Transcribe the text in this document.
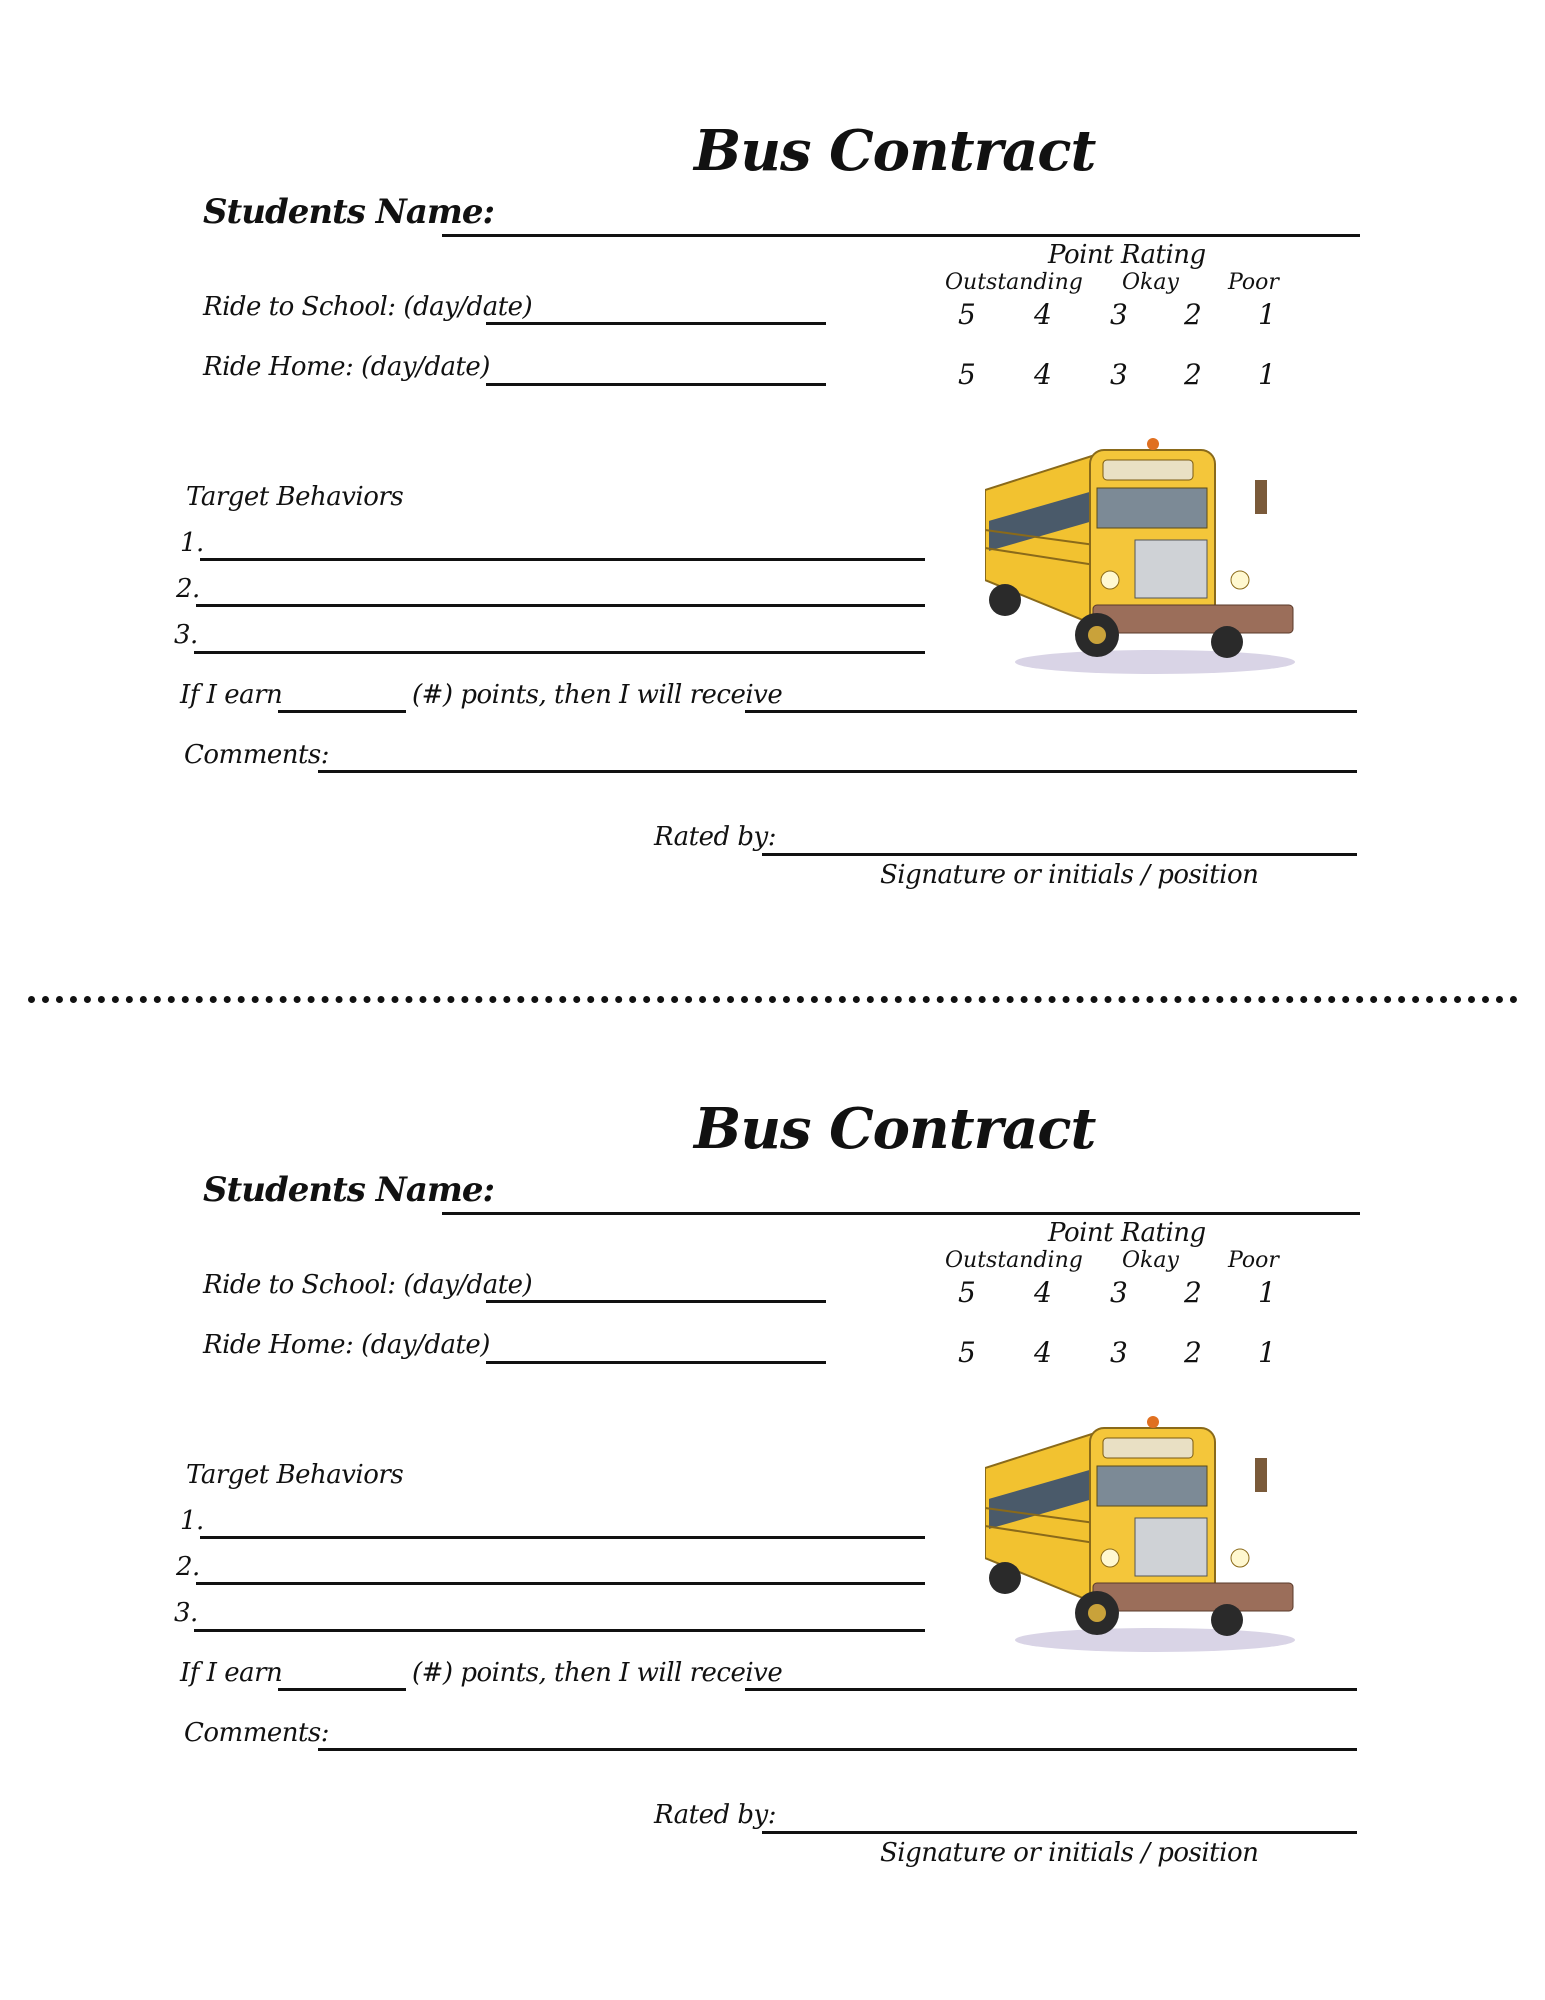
Bus Contract
Students Name:
Point Rating
Outstanding Okay Poor
Ride to School: (day/date)	5 4 3 2 1
Ride Home: (day/date)	5 4 3 2 1
Target Behaviors
1.
2.
3.
If I earn	(#) points, then I will receive
Comments:
Rated by:
Signature or initials / position
Bus Contract
Students Name:
Point Rating
Outstanding Okay Poor
Ride to School: (day/date)	5 4 3 2 1
Ride Home: (day/date)	5 4 3 2 1
Target Behaviors
1.
2.
3.
If I earn	(#) points, then I will receive
Comments:
Rated by:
Signature or initials / position
